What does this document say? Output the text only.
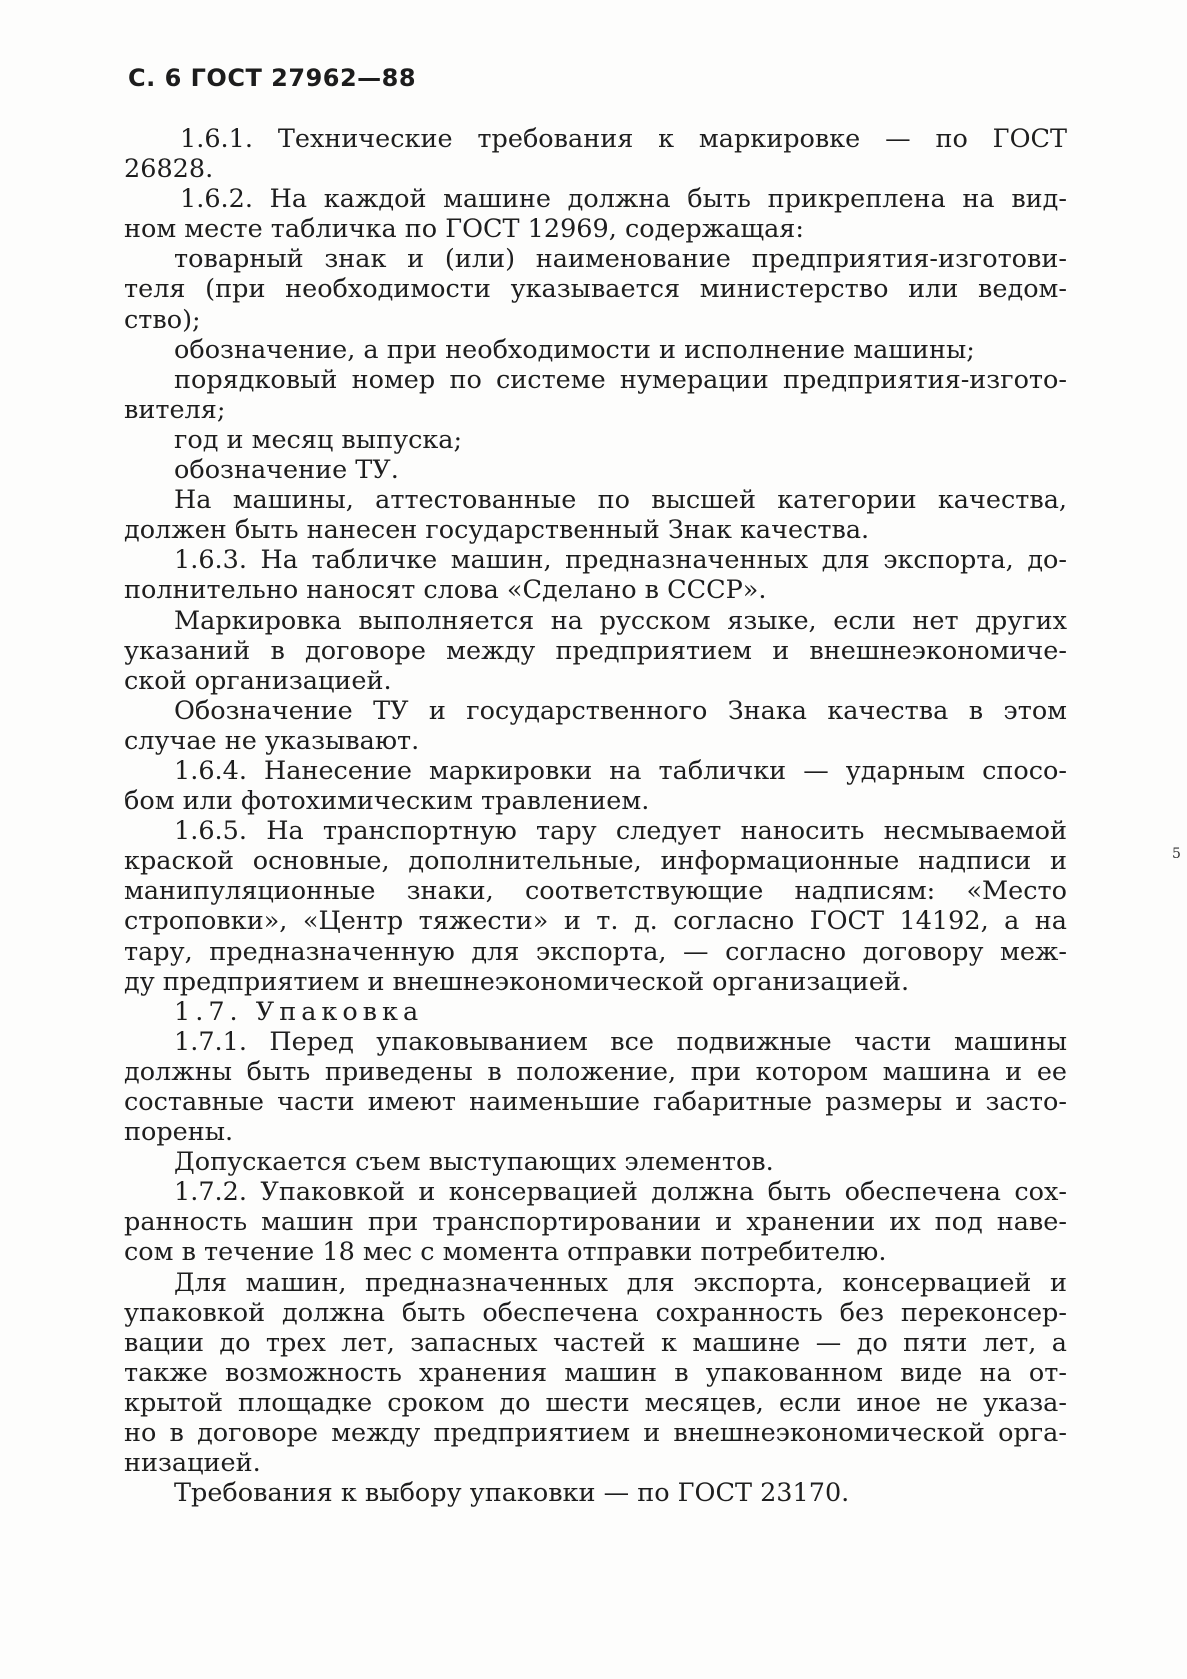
С. 6 ГОСТ 27962—88
1.6.1. Технические требования к маркировке — по ГОСТ
26828.
1.6.2. На каждой машине должна быть прикреплена на вид-
ном месте табличка по ГОСТ 12969, содержащая:
товарный знак и (или) наименование предприятия-изготови-
теля (при необходимости указывается министерство или ведом-
ство);
обозначение, а при необходимости и исполнение машины;
порядковый номер по системе нумерации предприятия-изгото-
вителя;
год и месяц выпуска;
обозначение ТУ.
На машины, аттестованные по высшей категории качества,
должен быть нанесен государственный Знак качества.
1.6.3. На табличке машин, предназначенных для экспорта, до-
полнительно наносят слова «Сделано в СССР».
Маркировка выполняется на русском языке, если нет других
указаний в договоре между предприятием и внешнеэкономиче-
ской организацией.
Обозначение ТУ и государственного Знака качества в этом
случае не указывают.
1.6.4. Нанесение маркировки на таблички — ударным спосо-
бом или фотохимическим травлением.
1.6.5. На транспортную тару следует наносить несмываемой
краской основные, дополнительные, информационные надписи и
манипуляционные знаки, соответствующие надписям: «Место
строповки», «Центр тяжести» и т. д. согласно ГОСТ 14192, а на
тару, предназначенную для экспорта, — согласно договору меж-
ду предприятием и внешнеэкономической организацией.
1.7. Упаковка
1.7.1. Перед упаковыванием все подвижные части машины
должны быть приведены в положение, при котором машина и ее
составные части имеют наименьшие габаритные размеры и засто-
порены.
Допускается съем выступающих элементов.
1.7.2. Упаковкой и консервацией должна быть обеспечена сох-
ранность машин при транспортировании и хранении их под наве-
сом в течение 18 мес с момента отправки потребителю.
Для машин, предназначенных для экспорта, консервацией и
упаковкой должна быть обеспечена сохранность без переконсер-
вации до трех лет, запасных частей к машине — до пяти лет, а
также возможность хранения машин в упакованном виде на от-
крытой площадке сроком до шести месяцев, если иное не указа-
но в договоре между предприятием и внешнеэкономической орга-
низацией.
Требования к выбору упаковки — по ГОСТ 23170.
5
